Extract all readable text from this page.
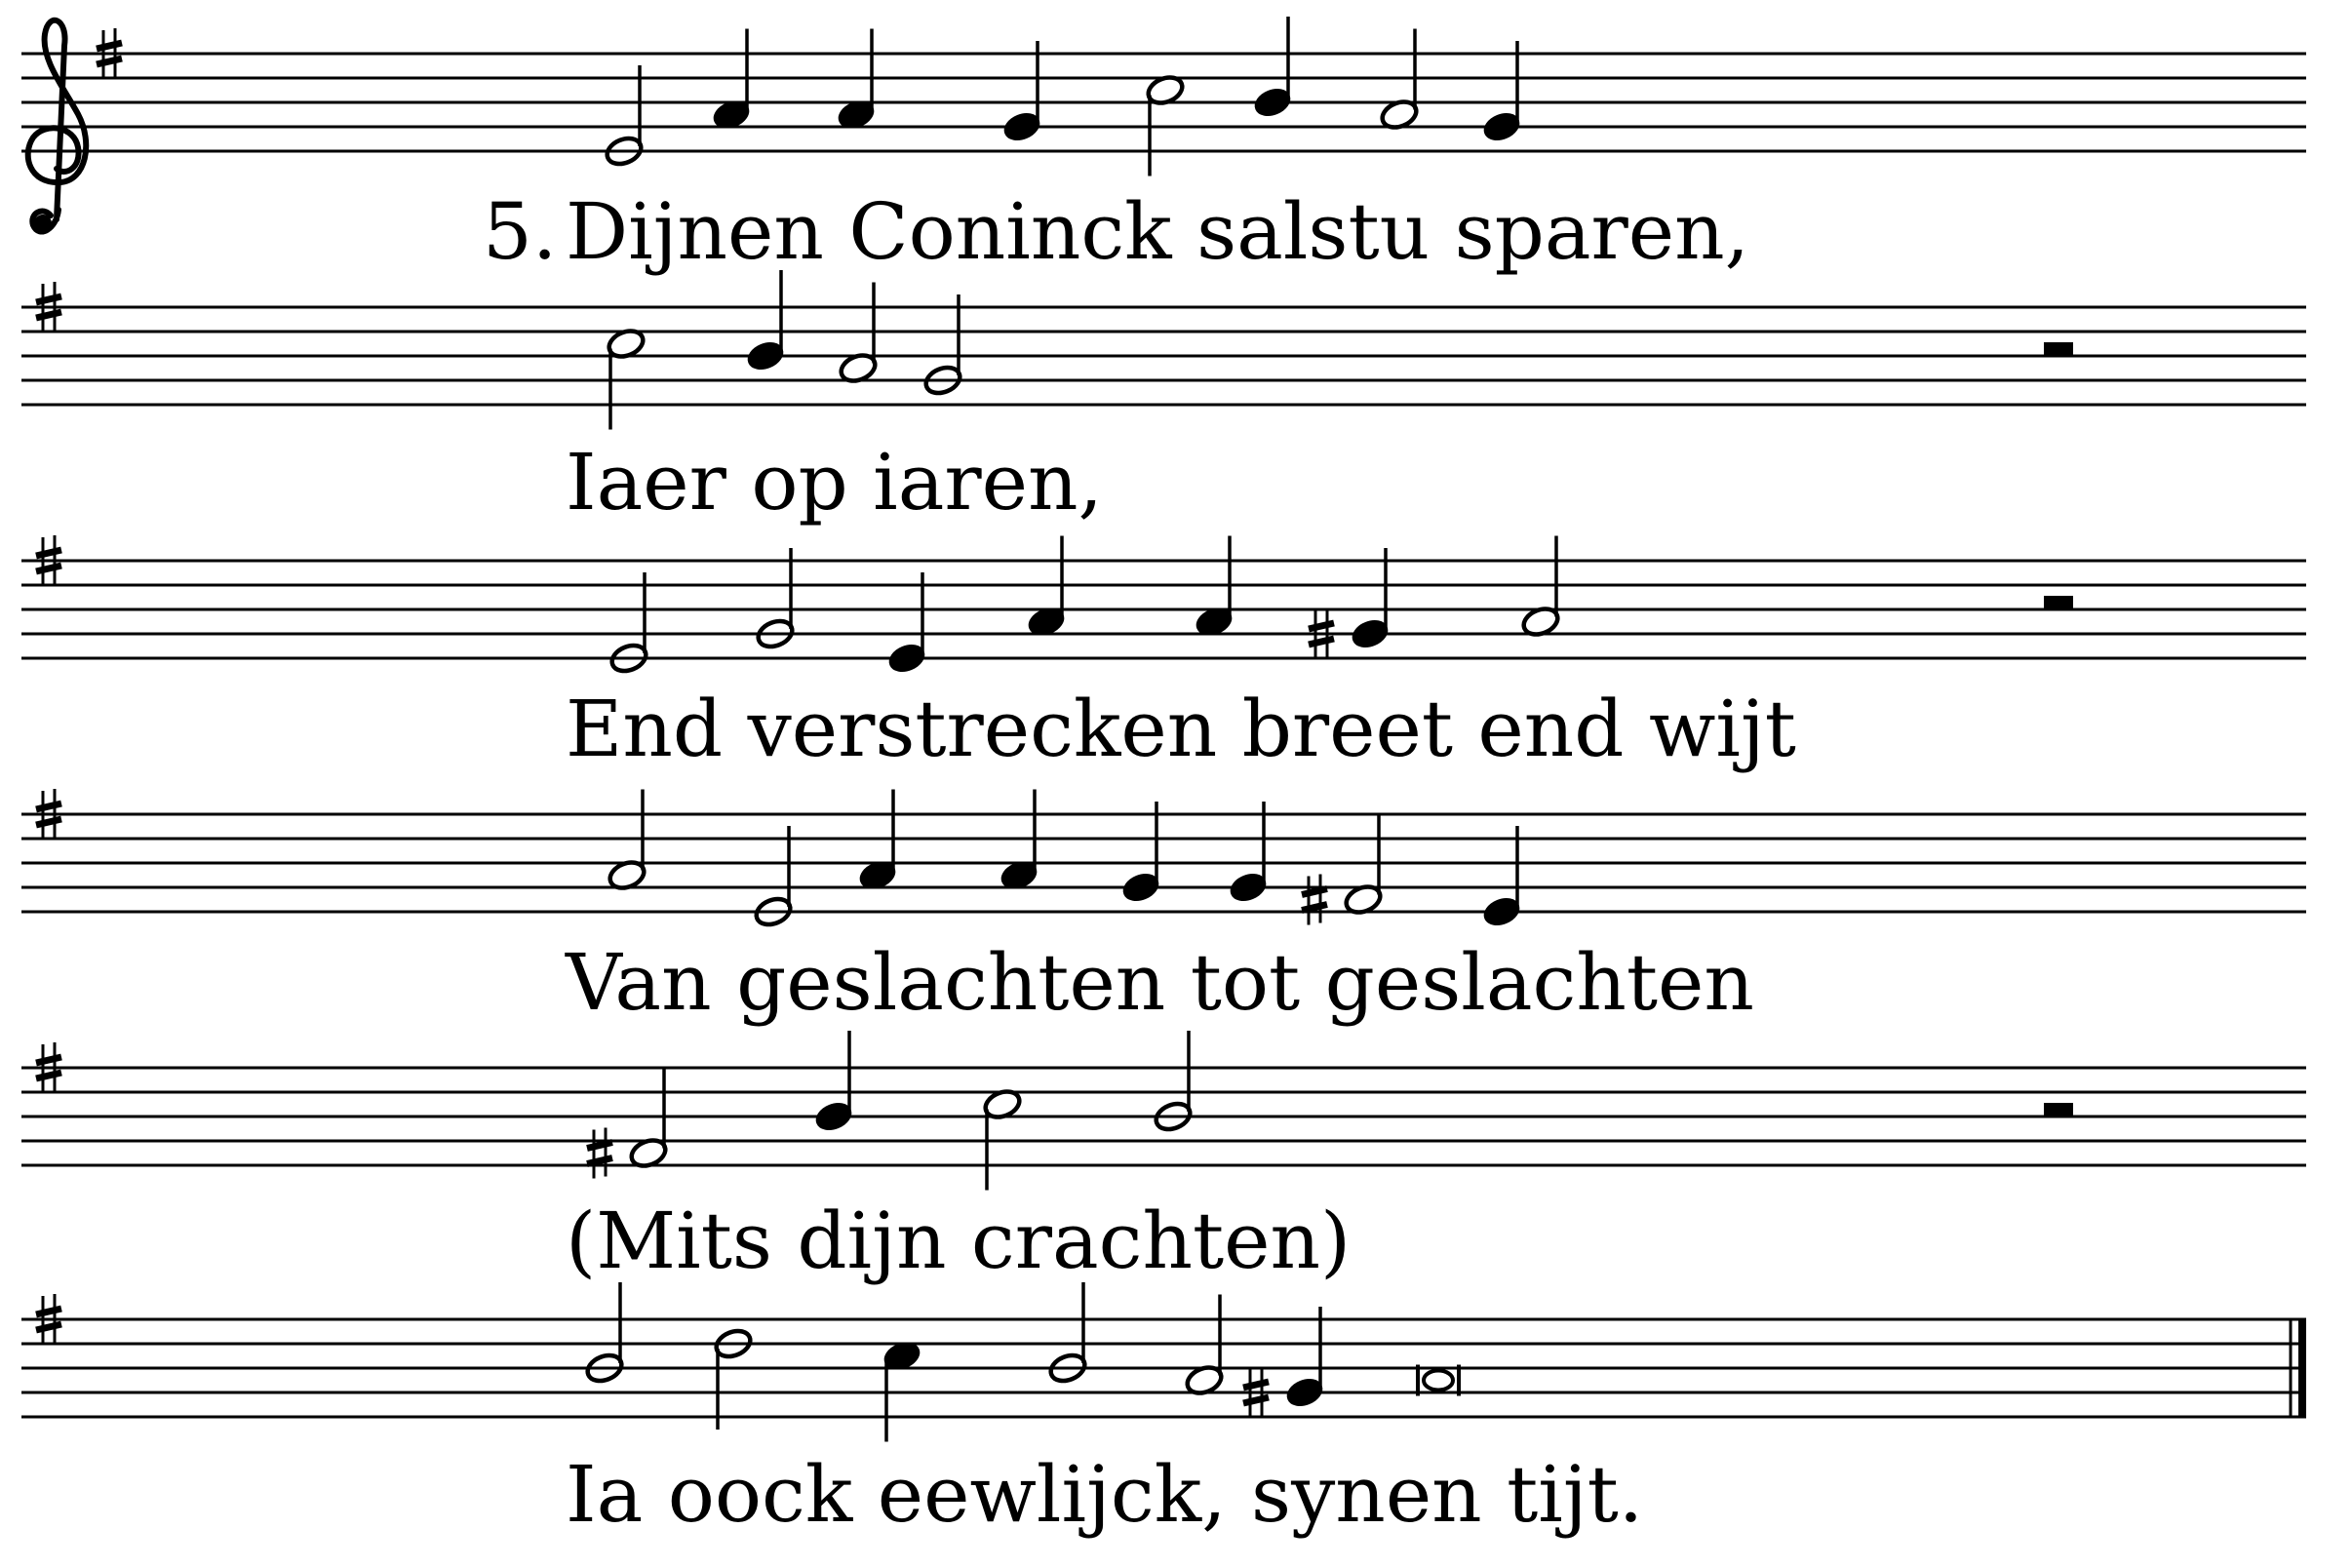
5. Dijnen Coninck salstu sparen,
Iaer op iaren,
End verstrecken breet end wijt
Van geslachten tot geslachten
(Mits dijn crachten)
Ia oock eewlijck, synen tijt.
